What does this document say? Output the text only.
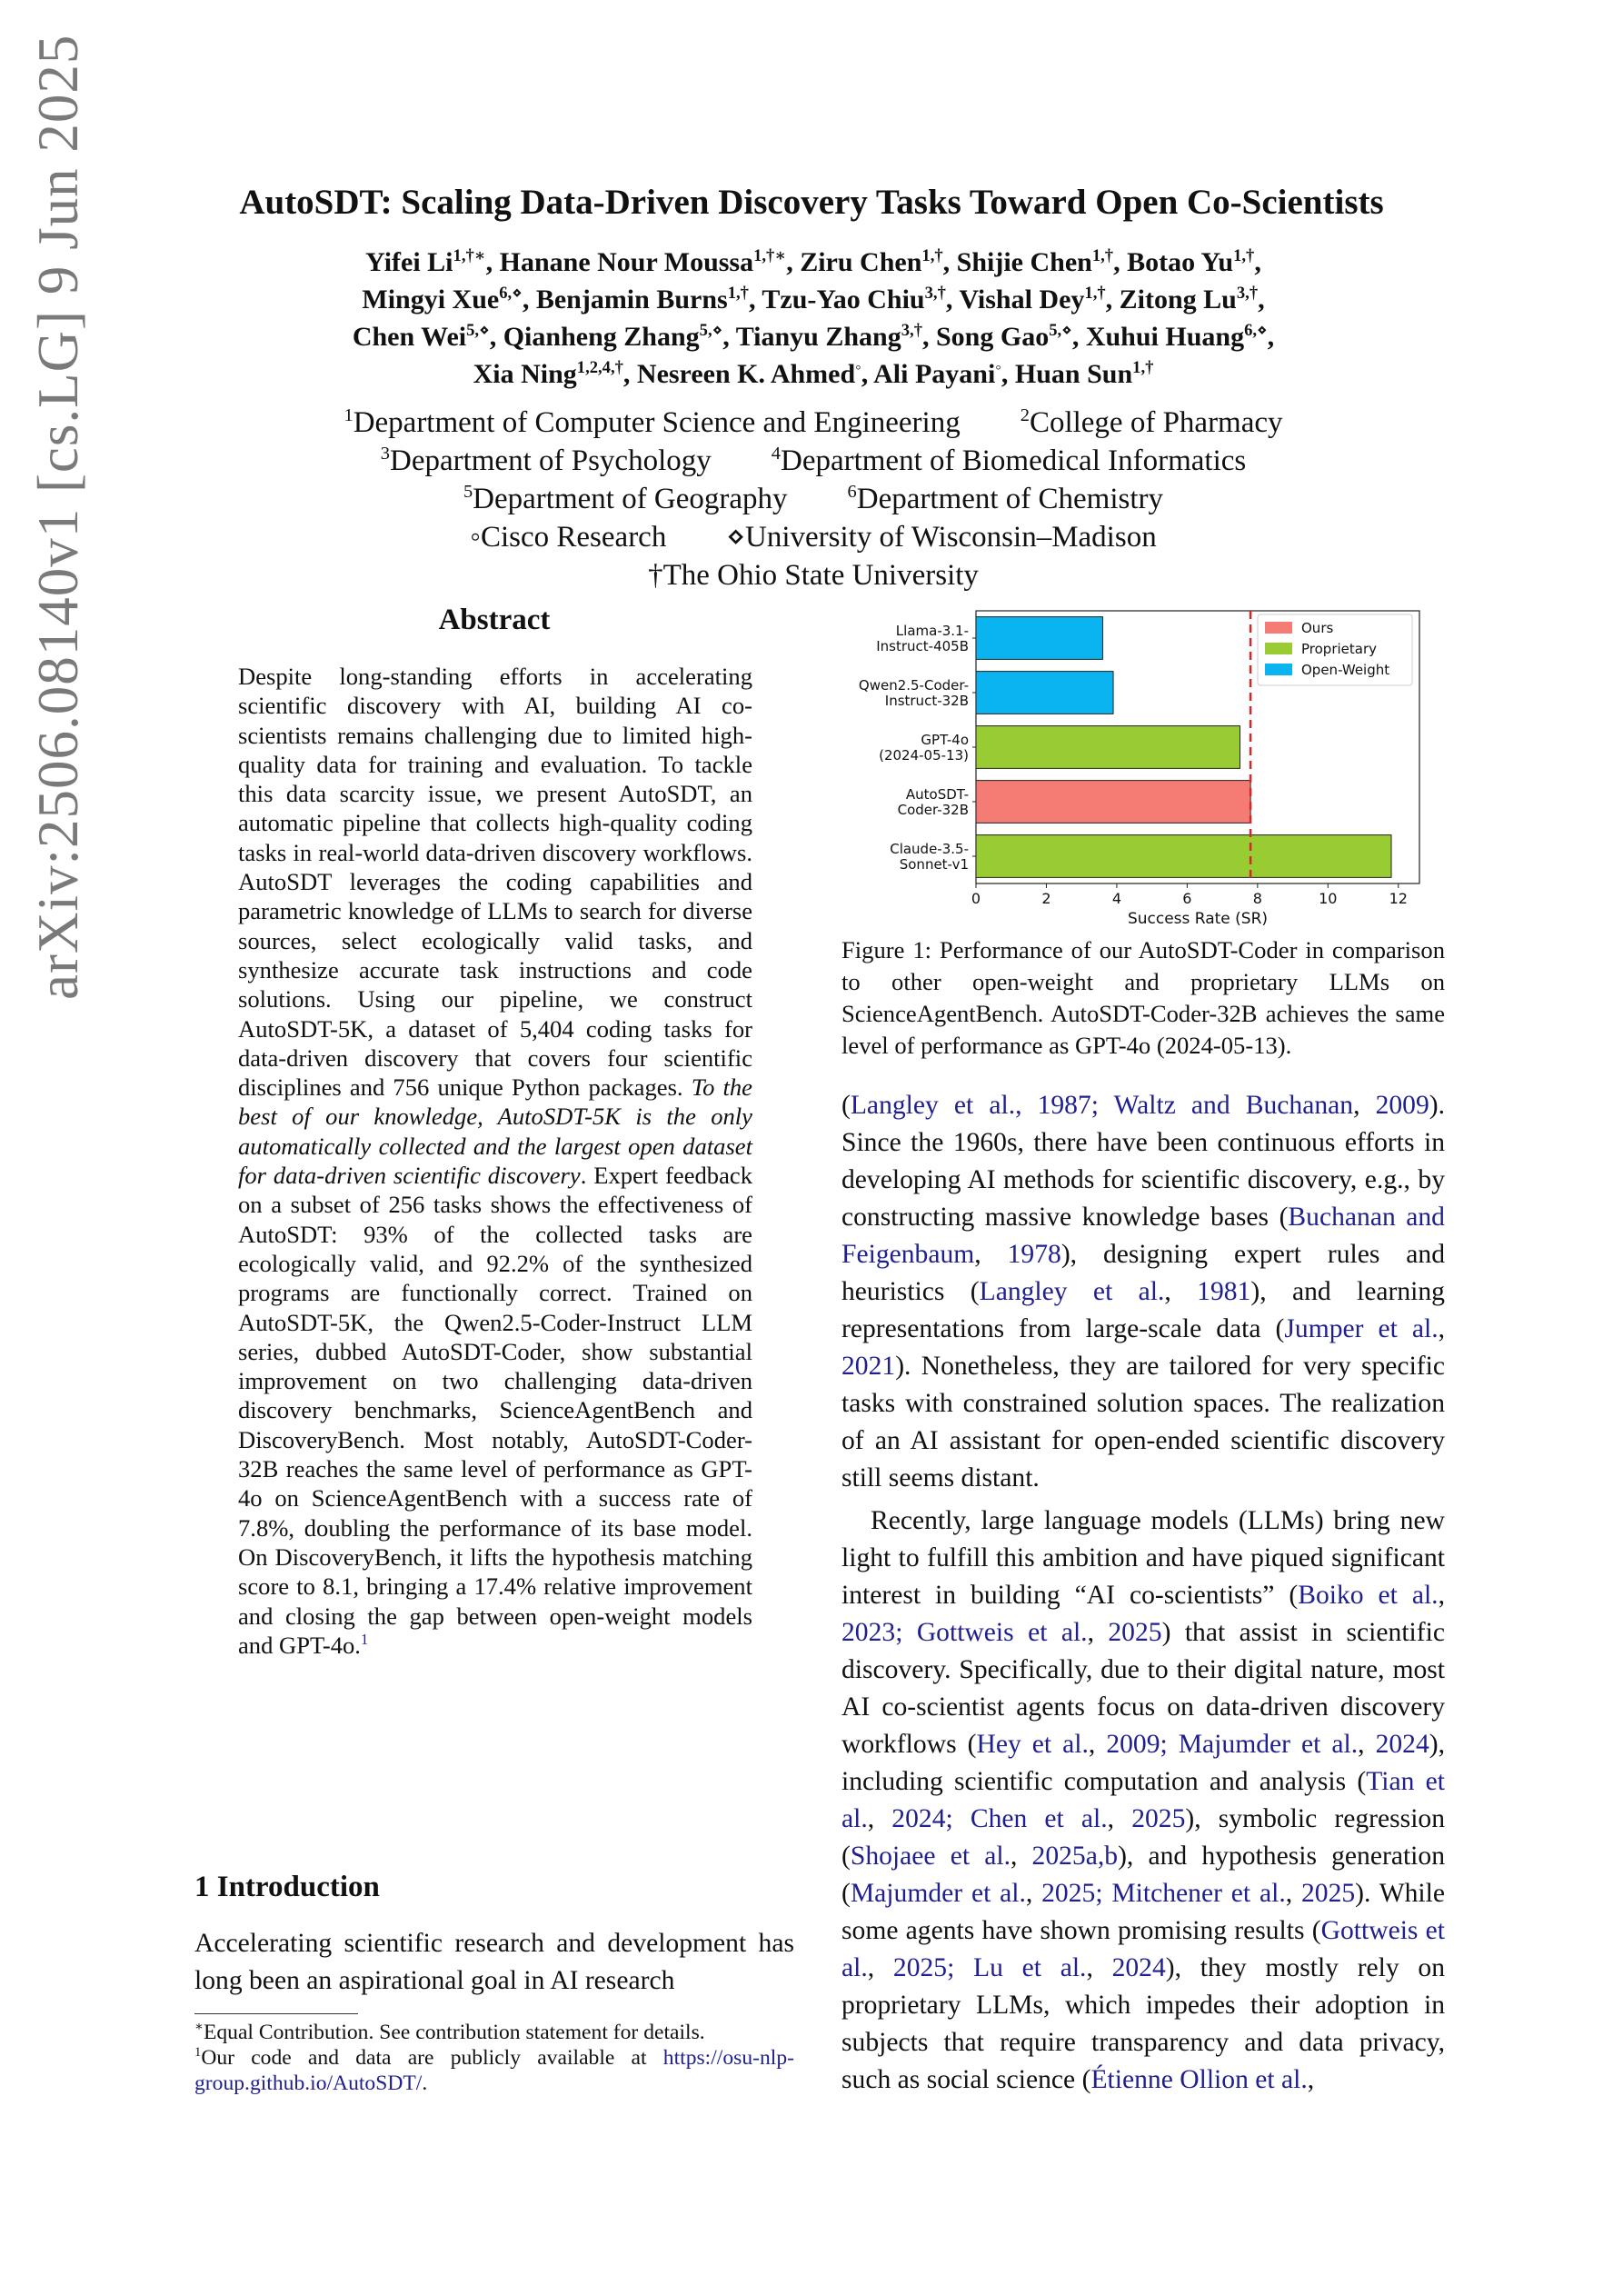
arXiv:2506.08140v1 [cs.LG] 9 Jun 2025	AutoSDT: Scaling Data-Driven Discovery Tasks Toward Open Co-Scientists
Yifei $Li^{1,\dagger∗}$, Hanane Nour Moussa$^{1,\dagger∗}$, Ziru Chen$^{1,\dagger}$, Shijie Chen$^{1,\dagger}$, Botao $Yu^{1,\dagger}$,
Mingyi Xue$^{6,⋄}$, Benjamin Burns$^{1,\dagger}$, Tzu-Yao Chiu$^{3,\dagger}$, Vishal Dey$^{1,\dagger}$, Zitong $Lu^{3,\dagger}$,
Chen Wei$^{5,⋄}$, Qianheng Zhang$^{5,⋄}$, Tianyu Zhang$^{3,\dagger}$, Song Gao$^{5,⋄}$, Xuhui Huang$^{6,⋄}$,
Xia Ning$^{1,2,4,\dagger}$, Nesreen K. Ahmed◦, Ali Payani◦, Huan Sun$^{1,\dagger}$
$^1$Department of Computer Science and Engineering        $^2$College of Pharmacy
$^3$Department of Psychology        $^4$Department of Biomedical Informatics
$^5$Department of Geography        $^6$Department of Chemistry
◦Cisco Research        ⋄University of Wisconsin–Madison
†The Ohio State University
Abstract
Despite long-standing efforts in accelerating scientific discovery with AI, building AI co-scientists remains challenging due to limited high-quality data for training and evaluation. To tackle this data scarcity issue, we present AutoSDT, an automatic pipeline that collects high-quality coding tasks in real-world data-driven discovery workflows. AutoSDT leverages the coding capabilities and parametric knowledge of LLMs to search for diverse sources, select ecologically valid tasks, and synthesize accurate task instructions and code solutions. Using our pipeline, we construct AutoSDT-5K, a dataset of 5,404 coding tasks for data-driven discovery that covers four scientific disciplines and 756 unique Python packages. To the best of our knowledge, AutoSDT-5K is the only automatically collected and the largest open dataset for data-driven scientific discovery. Expert feedback on a subset of 256 tasks shows the effectiveness of AutoSDT: 93% of the collected tasks are ecologically valid, and 92.2% of the synthesized programs are functionally correct. Trained on AutoSDT-5K, the Qwen2.5-Coder-Instruct LLM series, dubbed AutoSDT-Coder, show substantial improvement on two challenging data-driven discovery benchmarks, ScienceAgentBench and DiscoveryBench. Most notably, AutoSDT-Coder-32B reaches the same level of performance as GPT-4o on ScienceAgentBench with a success rate of 7.8%, doubling the performance of its base model. On DiscoveryBench, it lifts the hypothesis matching score to 8.1, bringing a 17.4% relative improvement and closing the gap between open-weight models and GPT-4o.$^1$
1 Introduction
Accelerating scientific research and development has long been an aspirational goal in AI research
∗Equal Contribution. See contribution statement for details.
$^1$Our code and data are publicly available at https://osu-nlp-group.github.io/AutoSDT/.
Llama-3.1-Instruct-405B
Qwen2.5-Coder-Instruct-32B
GPT-4o (2024-05-13)
AutoSDT-Coder-32B
Claude-3.5-Sonnet-v1
0	2	4	6	8	10	12
Success Rate (SR)
Ours
Proprietary
Open-Weight
Figure 1: Performance of our AutoSDT-Coder in comparison to other open-weight and proprietary LLMs on ScienceAgentBench. AutoSDT-Coder-32B achieves the same level of performance as GPT-4o (2024-05-13).

(Langley et al., 1987; Waltz and Buchanan, 2009). Since the 1960s, there have been continuous efforts in developing AI methods for scientific discovery, e.g., by constructing massive knowledge bases (Buchanan and Feigenbaum, 1978), designing expert rules and heuristics (Langley et al., 1981), and learning representations from large-scale data (Jumper et al., 2021). Nonetheless, they are tailored for very specific tasks with constrained solution spaces. The realization of an AI assistant for open-ended scientific discovery still seems distant.

Recently, large language models (LLMs) bring new light to fulfill this ambition and have piqued significant interest in building “AI co-scientists” (Boiko et al., 2023; Gottweis et al., 2025) that assist in scientific discovery. Specifically, due to their digital nature, most AI co-scientist agents focus on data-driven discovery workflows (Hey et al., 2009; Majumder et al., 2024), including scientific computation and analysis (Tian et al., 2024; Chen et al., 2025), symbolic regression (Shojaee et al., 2025a,b), and hypothesis generation (Majumder et al., 2025; Mitchener et al., 2025). While some agents have shown promising results (Gottweis et al., 2025; Lu et al., 2024), they mostly rely on proprietary LLMs, which impedes their adoption in subjects that require transparency and data privacy, such as social science (Étienne Ollion et al.,
